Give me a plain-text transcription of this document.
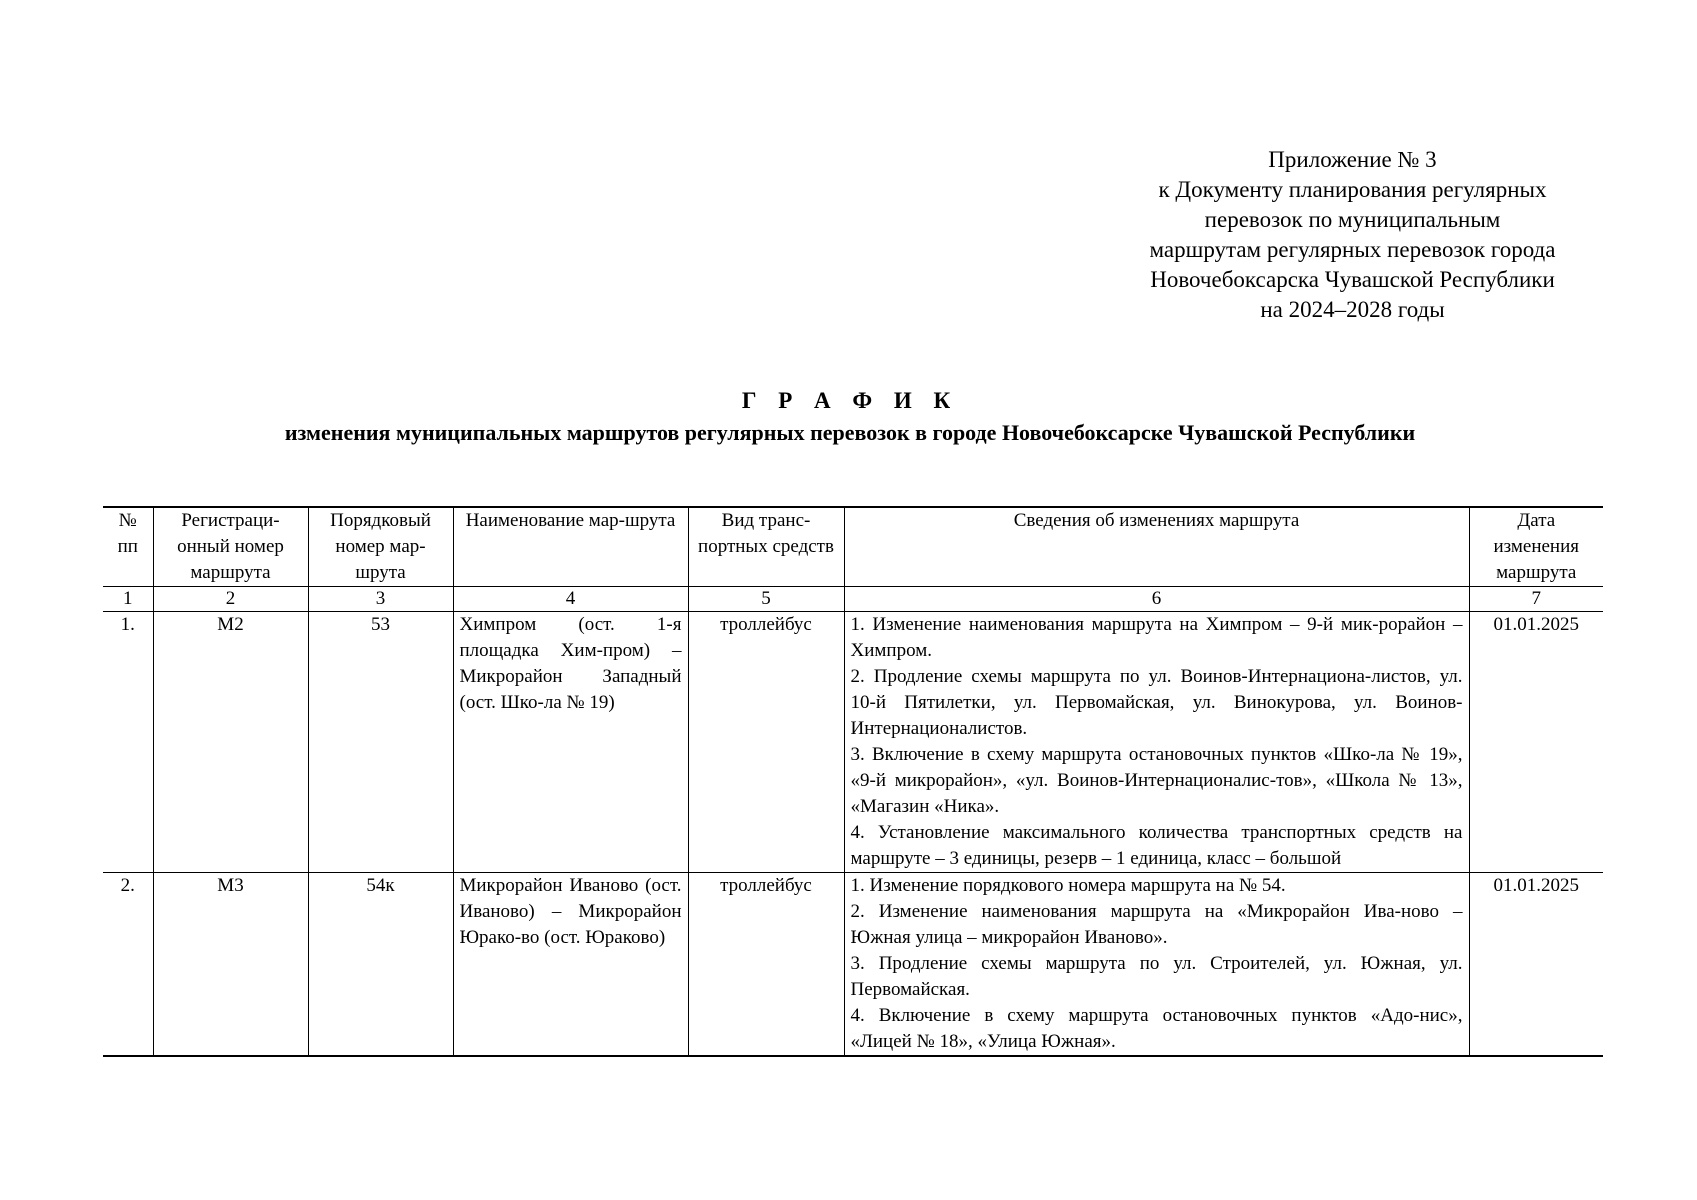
Приложение № 3
к Документу планирования регулярных
перевозок по муниципальным
маршрутам регулярных перевозок города
Новочебоксарска Чувашской Республики
на 2024–2028 годы
Г Р А Ф И К
изменения муниципальных маршрутов регулярных перевозок в городе Новочебоксарске Чувашской Республики
№ пп	Регистраци-онный номер маршрута	Порядковый номер мар-шрута	Наименование мар-шрута	Вид транс-портных средств	Сведения об изменениях маршрута	Дата изменения маршрута
1	2	3	4	5	6	7
1.	М2	53	Химпром (ост. 1-я площадка Хим-пром) – Микрорайон Западный (ост. Шко-ла № 19)	троллейбус	1. Изменение наименования маршрута на Химпром – 9-й мик-рорайон – Химпром.
2. Продление схемы маршрута по ул. Воинов-Интернациона-листов, ул. 10-й Пятилетки, ул. Первомайская, ул. Винокурова, ул. Воинов-Интернационалистов.
3. Включение в схему маршрута остановочных пунктов «Шко-ла № 19», «9-й микрорайон», «ул. Воинов-Интернационалис-тов», «Школа № 13», «Магазин «Ника».
4. Установление максимального количества транспортных средств на маршруте – 3 единицы, резерв – 1 единица, класс – большой	01.01.2025
2.	М3	54к	Микрорайон Иваново (ост. Иваново) – Микрорайон Юрако-во (ост. Юраково)	троллейбус	1. Изменение порядкового номера маршрута на № 54.
2. Изменение наименования маршрута на «Микрорайон Ива-ново – Южная улица – микрорайон Иваново».
3. Продление схемы маршрута по ул. Строителей, ул. Южная, ул. Первомайская.
4. Включение в схему маршрута остановочных пунктов «Адо-нис», «Лицей № 18», «Улица Южная».	01.01.2025
